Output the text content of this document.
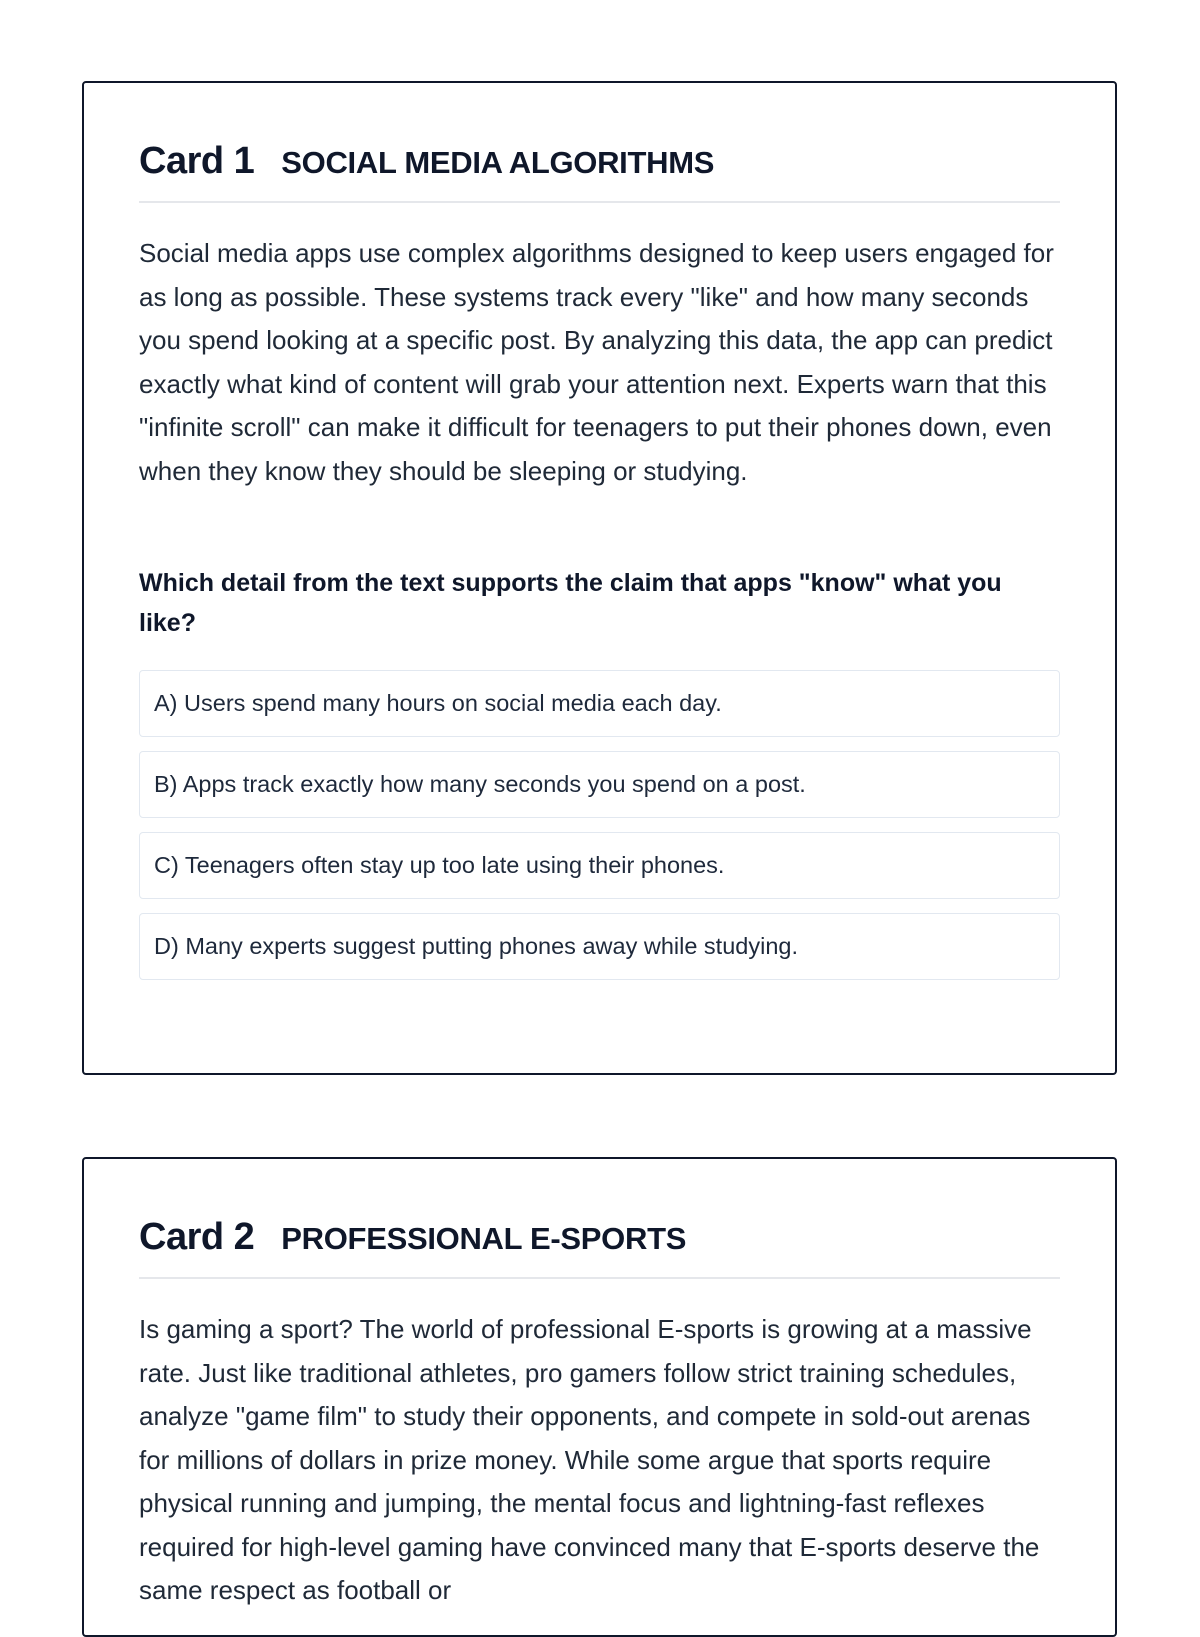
Card 1 SOCIAL MEDIA ALGORITHMS
Social media apps use complex algorithms designed to keep users engaged for as long as possible. These systems track every "like" and how many seconds you spend looking at a specific post. By analyzing this data, the app can predict exactly what kind of content will grab your attention next. Experts warn that this "infinite scroll" can make it difficult for teenagers to put their phones down, even when they know they should be sleeping or studying.
Which detail from the text supports the claim that apps "know" what you like?
A) Users spend many hours on social media each day.
B) Apps track exactly how many seconds you spend on a post.
C) Teenagers often stay up too late using their phones.
D) Many experts suggest putting phones away while studying.
Card 2 PROFESSIONAL E-SPORTS
Is gaming a sport? The world of professional E-sports is growing at a massive rate. Just like traditional athletes, pro gamers follow strict training schedules, analyze "game film" to study their opponents, and compete in sold-out arenas for millions of dollars in prize money. While some argue that sports require physical running and jumping, the mental focus and lightning-fast reflexes required for high-level gaming have convinced many that E-sports deserve the same respect as football or
